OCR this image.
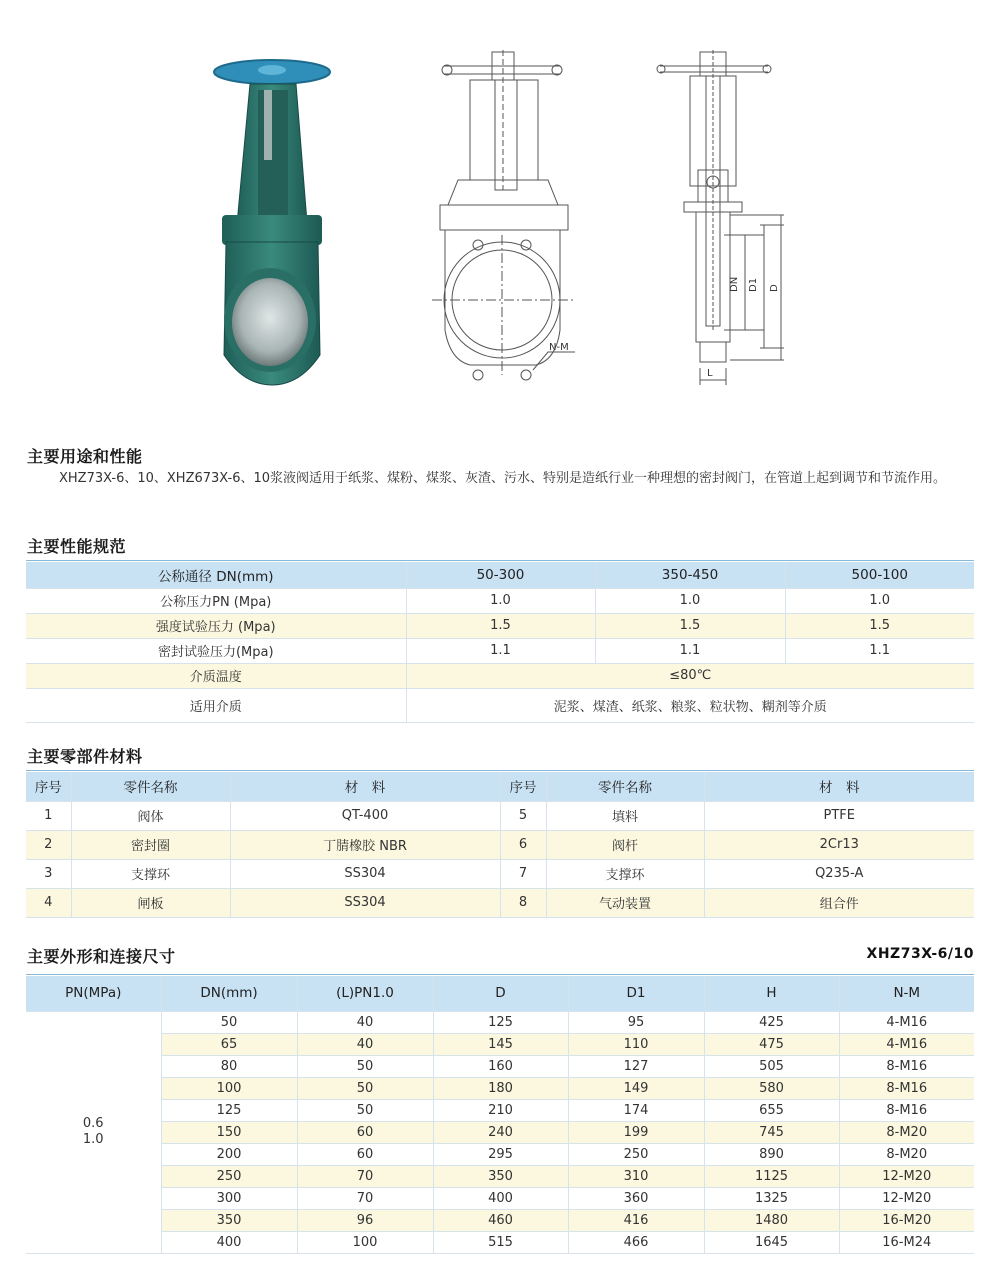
N-M
DN D1 D
L
主要用途和性能
XHZ73X-6、10、XHZ673X-6、10浆液阀适用于纸浆、煤粉、煤浆、灰渣、污水、特别是造纸行业一种理想的密封阀门，在管道上起到调节和节流作用。
主要性能规范
公称通径 DN(mm)	50-300	350-450	500-100
公称压力PN (Mpa)	1.0	1.0	1.0
强度试验压力 (Mpa)	1.5	1.5	1.5
密封试验压力(Mpa)	1.1	1.1	1.1
介质温度	≤80℃		
适用介质	泥浆、煤渣、纸浆、粮浆、粒状物、糊剂等介质		
主要零部件材料
序号	零件名称	材　料	序号	零件名称	材　料
1	阀体	QT-400	5	填料	PTFE
2	密封圈	丁腈橡胶 NBR	6	阀杆	2Cr13
3	支撑环	SS304	7	支撑环	Q235-A
4	闸板	SS304	8	气动装置	组合件
主要外形和连接尺寸	XHZ73X-6/10
PN(MPa)	DN(mm)	(L)PN1.0	D	D1	H	N-M

0.6
1.0	50	40	125	95	425	4-M16
	65	40	145	110	475	4-M16
	80	50	160	127	505	8-M16
	100	50	180	149	580	8-M16
	125	50	210	174	655	8-M16
	150	60	240	199	745	8-M20
	200	60	295	250	890	8-M20
	250	70	350	310	1125	12-M20
	300	70	400	360	1325	12-M20
	350	96	460	416	1480	16-M20
	400	100	515	466	1645	16-M24
